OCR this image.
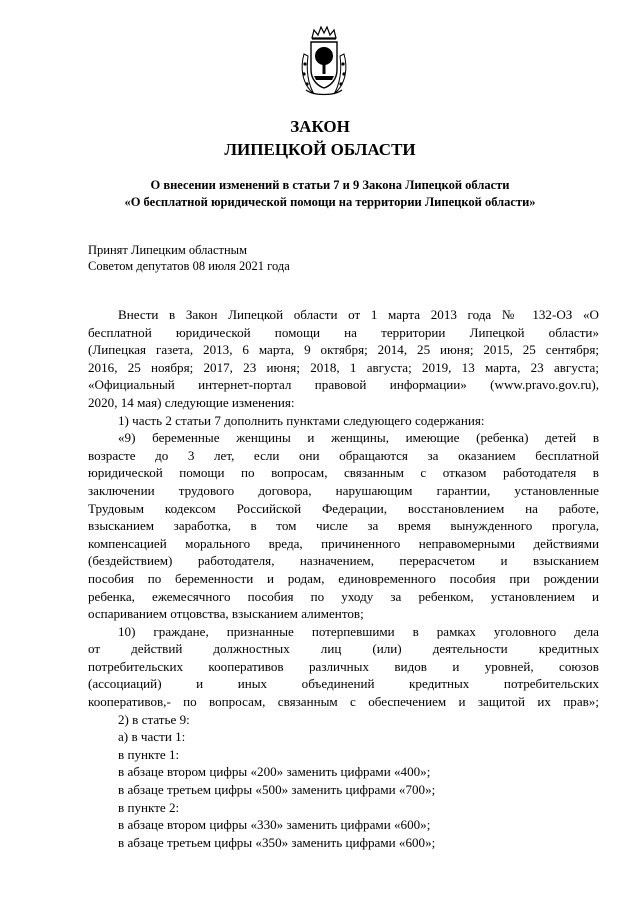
ЗАКОН
ЛИПЕЦКОЙ ОБЛАСТИ
О внесении изменений в статьи 7 и 9 Закона Липецкой области
«О бесплатной юридической помощи на территории Липецкой области»
Принят Липецким областным
Советом депутатов 08 июля 2021 года
Внести в Закон Липецкой области от 1 марта 2013 года № 132-ОЗ «О
бесплатной юридической помощи на территории Липецкой области»
(Липецкая газета, 2013, 6 марта, 9 октября; 2014, 25 июня; 2015, 25 сентября;
2016, 25 ноября; 2017, 23 июня; 2018, 1 августа; 2019, 13 марта, 23 августа;
«Официальный интернет-портал правовой информации» (www.pravo.gov.ru),
2020, 14 мая) следующие изменения:
1) часть 2 статьи 7 дополнить пунктами следующего содержания:
«9) беременные женщины и женщины, имеющие (ребенка) детей в
возрасте до 3 лет, если они обращаются за оказанием бесплатной
юридической помощи по вопросам, связанным с отказом работодателя в
заключении трудового договора, нарушающим гарантии, установленные
Трудовым кодексом Российской Федерации, восстановлением на работе,
взысканием заработка, в том числе за время вынужденного прогула,
компенсацией морального вреда, причиненного неправомерными действиями
(бездействием) работодателя, назначением, перерасчетом и взысканием
пособия по беременности и родам, единовременного пособия при рождении
ребенка, ежемесячного пособия по уходу за ребенком, установлением и
оспариванием отцовства, взысканием алиментов;
10) граждане, признанные потерпевшими в рамках уголовного дела
от действий должностных лиц (или) деятельности кредитных
потребительских кооперативов различных видов и уровней, союзов
(ассоциаций) и иных объединений кредитных потребительских
кооперативов,- по вопросам, связанным с обеспечением и защитой их прав»;
2) в статье 9:
а) в части 1:
в пункте 1:
в абзаце втором цифры «200» заменить цифрами «400»;
в абзаце третьем цифры «500» заменить цифрами «700»;
в пункте 2:
в абзаце втором цифры «330» заменить цифрами «600»;
в абзаце третьем цифры «350» заменить цифрами «600»;
